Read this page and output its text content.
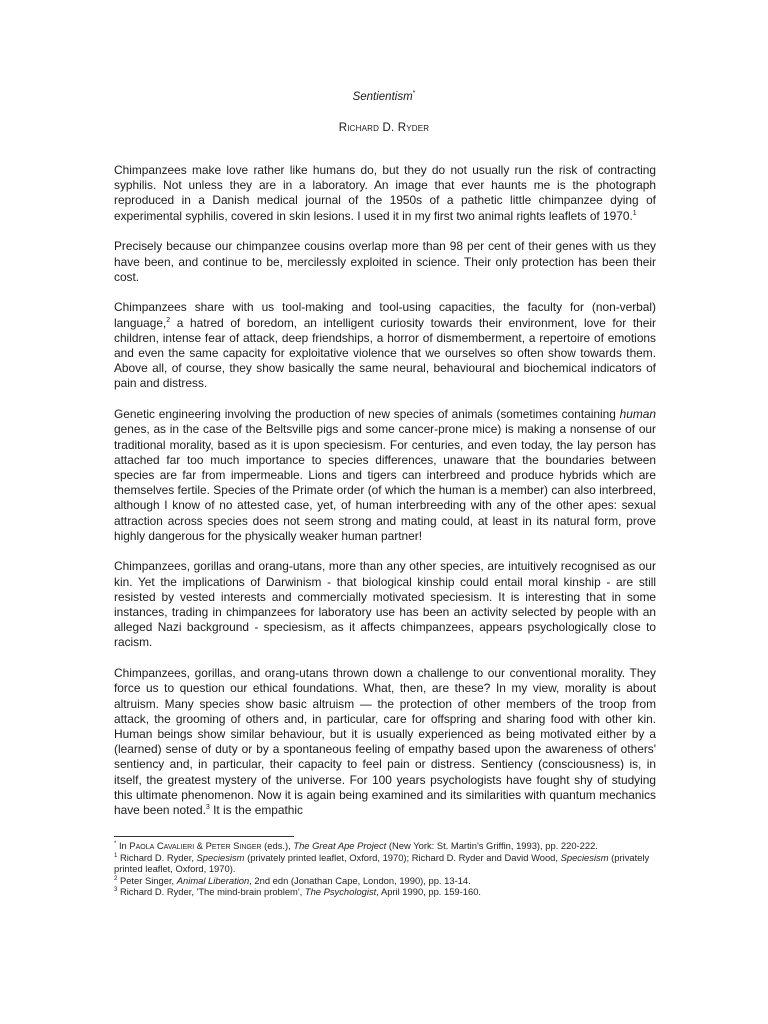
Sentientism*
Richard D. Ryder

Chimpanzees make love rather like humans do, but they do not usually run the risk of contracting syphilis. Not unless they are in a laboratory. An image that ever haunts me is the photograph reproduced in a Danish medical journal of the 1950s of a pathetic little chimpanzee dying of experimental syphilis, covered in skin lesions. I used it in my first two animal rights leaflets of 1970.$^1$

Precisely because our chimpanzee cousins overlap more than 98 per cent of their genes with us they have been, and continue to be, mercilessly exploited in science. Their only protection has been their cost.

Chimpanzees share with us tool-making and tool-using capacities, the faculty for (non-verbal) language,$^2$ a hatred of boredom, an intelligent curiosity towards their environment, love for their children, intense fear of attack, deep friendships, a horror of dismemberment, a repertoire of emotions and even the same capacity for exploitative violence that we ourselves so often show towards them. Above all, of course, they show basically the same neural, behavioural and biochemical indicators of pain and distress.

Genetic engineering involving the production of new species of animals (sometimes containing human genes, as in the case of the Beltsville pigs and some cancer-prone mice) is making a nonsense of our traditional morality, based as it is upon speciesism. For centuries, and even today, the lay person has attached far too much importance to species differences, unaware that the boundaries between species are far from impermeable. Lions and tigers can interbreed and produce hybrids which are themselves fertile. Species of the Primate order (of which the human is a member) can also interbreed, although I know of no attested case, yet, of human interbreeding with any of the other apes: sexual attraction across species does not seem strong and mating could, at least in its natural form, prove highly dangerous for the physically weaker human partner!

Chimpanzees, gorillas and orang-utans, more than any other species, are intuitively recognised as our kin. Yet the implications of Darwinism - that biological kinship could entail moral kinship - are still resisted by vested interests and commercially motivated speciesism. It is interesting that in some instances, trading in chimpanzees for laboratory use has been an activity selected by people with an alleged Nazi background - speciesism, as it affects chimpanzees, appears psychologically close to racism.

Chimpanzees, gorillas, and orang-utans thrown down a challenge to our conventional morality. They force us to question our ethical foundations. What, then, are these? In my view, morality is about altruism. Many species show basic altruism — the protection of other members of the troop from attack, the grooming of others and, in particular, care for offspring and sharing food with other kin. Human beings show similar behaviour, but it is usually experienced as being motivated either by a (learned) sense of duty or by a spontaneous feeling of empathy based upon the awareness of others' sentiency and, in particular, their capacity to feel pain or distress. Sentiency (consciousness) is, in itself, the greatest mystery of the universe. For 100 years psychologists have fought shy of studying this ultimate phenomenon. Now it is again being examined and its similarities with quantum mechanics have been noted.$^3$ It is the empathic

* In Paola Cavalieri & Peter Singer (eds.), The Great Ape Project (New York: St. Martin's Griffin, 1993), pp. 220-222.

$^1$ Richard D. Ryder, Speciesism (privately printed leaflet, Oxford, 1970); Richard D. Ryder and David Wood, Speciesism (privately printed leaflet, Oxford, 1970).

$^2$ Peter Singer, Animal Liberation, 2nd edn (Jonathan Cape, London, 1990), pp. 13-14.

$^3$ Richard D. Ryder, 'The mind-brain problem', The Psychologist, April 1990, pp. 159-160.
